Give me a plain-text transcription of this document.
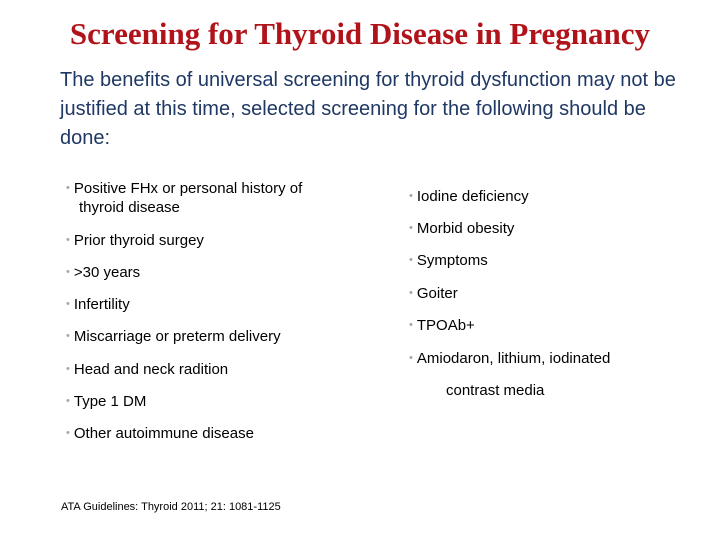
Screening for Thyroid Disease in Pregnancy
The benefits of universal screening for thyroid dysfunction may not be justified at this time, selected screening for the following should be done:
• Positive FHx or personal history of
thyroid disease
• Prior thyroid surgey
• >30 years
• Infertility
• Miscarriage or preterm delivery
• Head and neck radition
• Type 1 DM
• Other autoimmune disease
• Iodine deficiency
• Morbid obesity
• Symptoms
• Goiter
• TPOAb+
• Amiodaron, lithium, iodinated
contrast media
ATA Guidelines: Thyroid 2011; 21: 1081-1125
